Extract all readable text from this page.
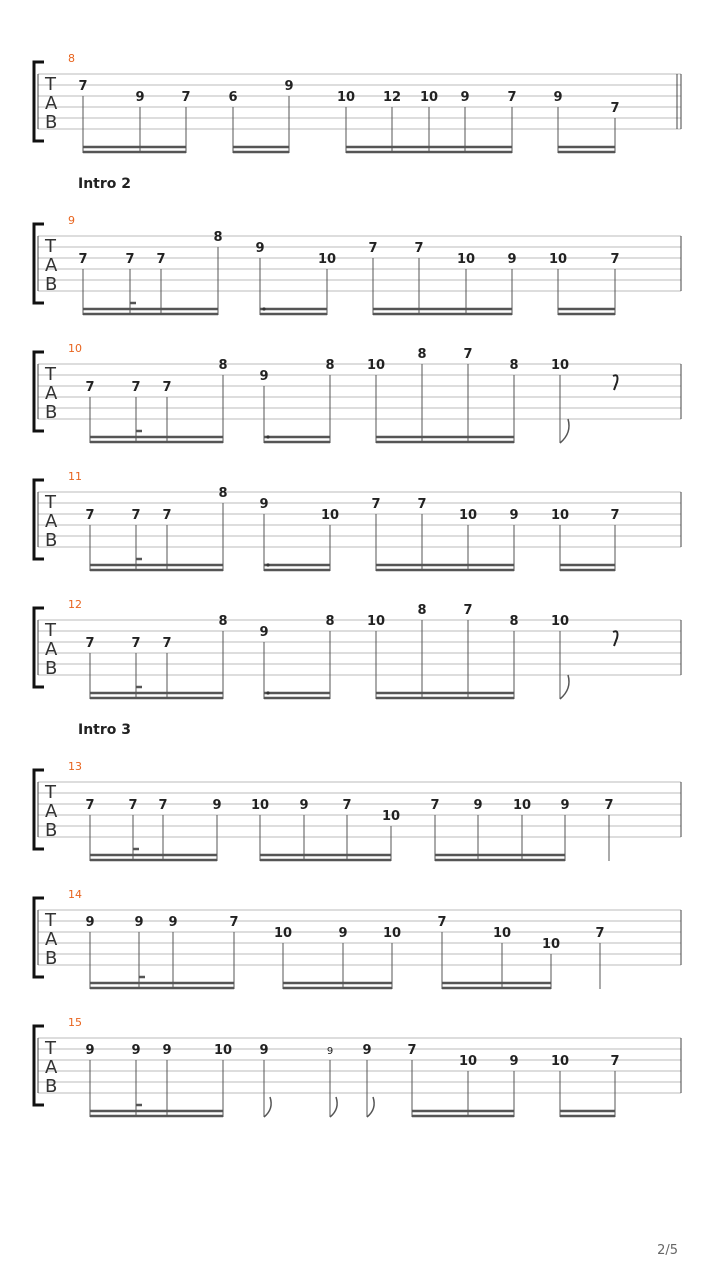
8
T
A
B
7
9	7	6
9
10 12 10 9	7	9
7
Intro 2
9
T
A
B
7	7 7
8
9
10
7	7
10 9 10	7
10
T
A
B
7	7 7
8
9
8 10
8	7
8 10
11
T
A
B
7	7 7
8
9
10
7	7
10 9 10	7
12
T
A
B
7	7 7
8
9
8 10
8	7
8 10
Intro 3
13
T
A
B
7	7 7	9 10 9	7
10
7	9 10 9	7
14
T
A
B
9	9 9	7
10	9	10
7
10
10
7
15
T
A
B
9	9 9	10 9	9 9	7
10 9 10	7
2/5
